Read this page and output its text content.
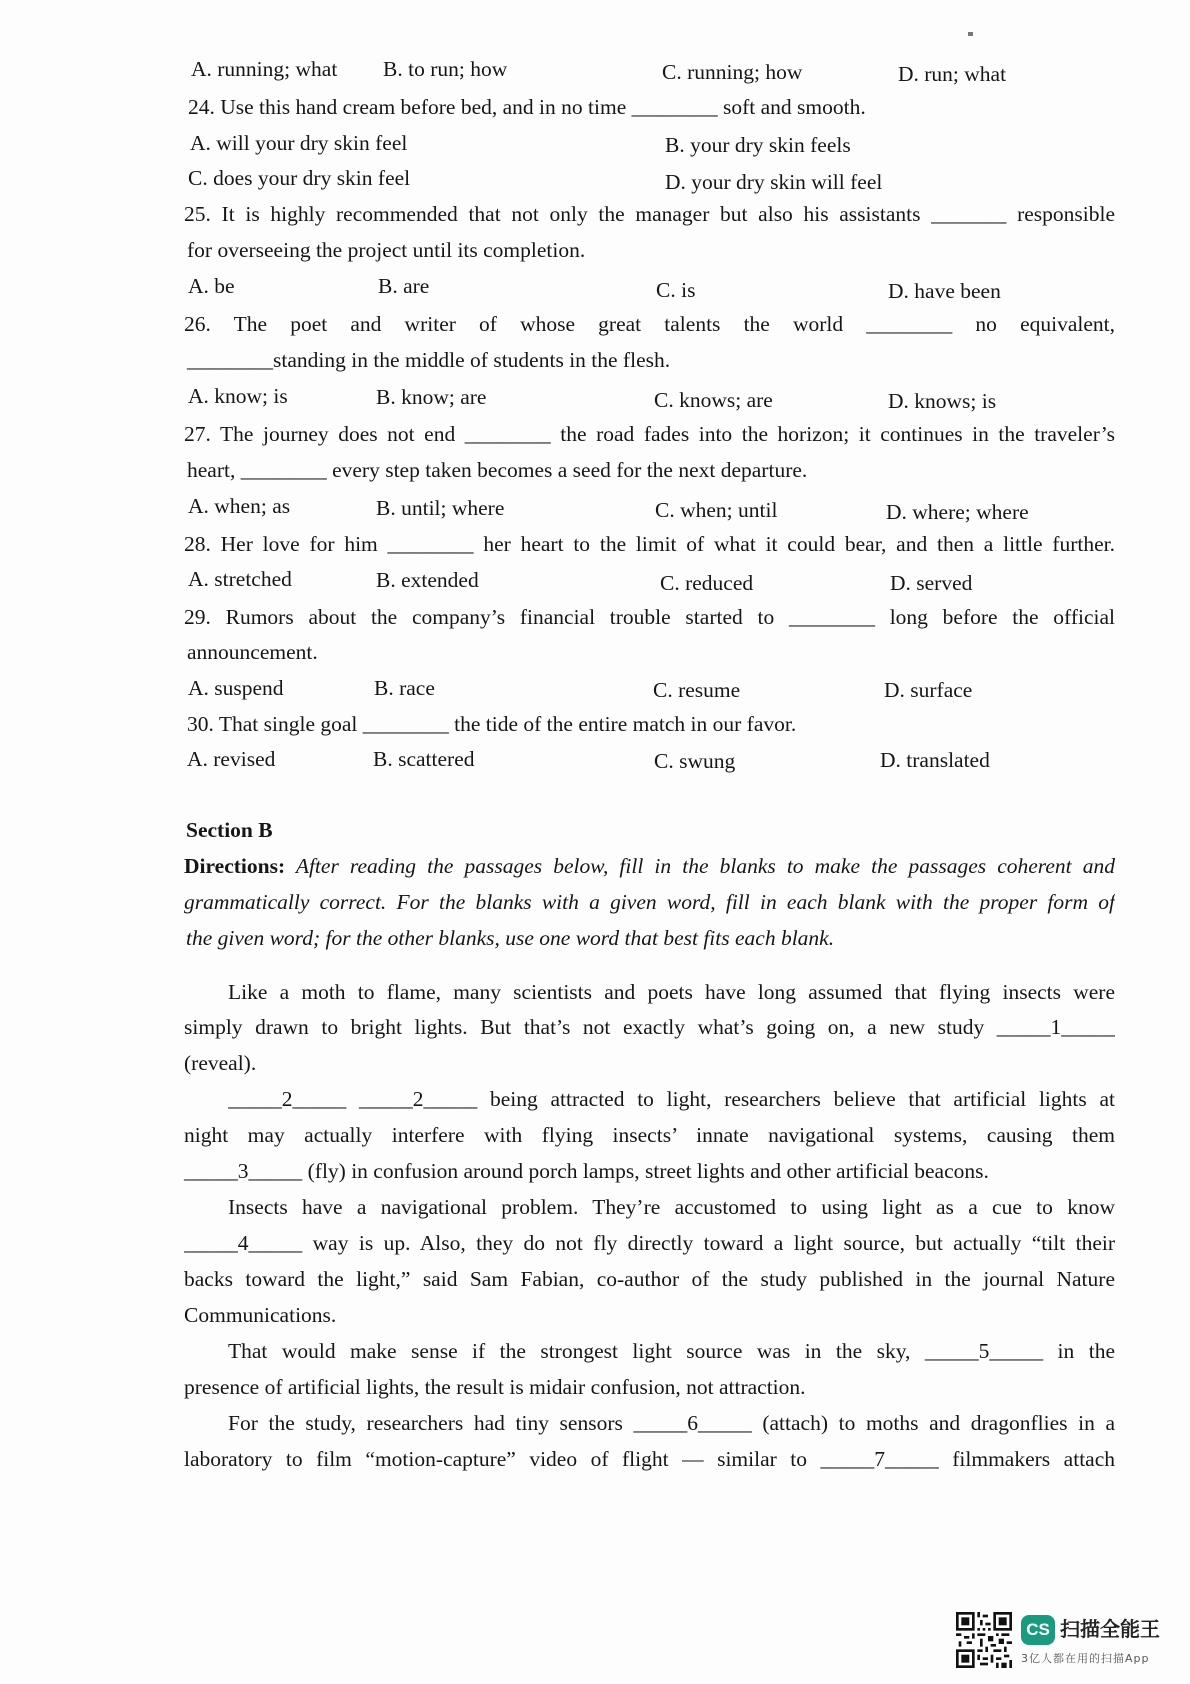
A. running; what B. to run; how	C. running; how	D. run; what
24. Use this hand cream before bed, and in no time ________ soft and smooth.
A. will your dry skin feel	B. your dry skin feels
C. does your dry skin feel	D. your dry skin will feel
25. It is highly recommended that not only the manager but also his assistants _______ responsible
for overseeing the project until its completion.
A. be	B. are	C. is	D. have been
26. The poet and writer of whose great talents the world ________ no equivalent,
________standing in the middle of students in the flesh.
A. know; is	B. know; are	C. knows; are	D. knows; is
27. The journey does not end ________ the road fades into the horizon; it continues in the traveler’s
heart, ________ every step taken becomes a seed for the next departure.
A. when; as	B. until; where	C. when; until	D. where; where
28. Her love for him ________ her heart to the limit of what it could bear, and then a little further.
A. stretched	B. extended	C. reduced	D. served
29. Rumors about the company’s financial trouble started to ________ long before the official
announcement.
A. suspend	B. race	C. resume	D. surface
30. That single goal ________ the tide of the entire match in our favor.
A. revised	B. scattered	C. swung	D. translated
Section B
Directions: After reading the passages below, fill in the blanks to make the passages coherent and
grammatically correct. For the blanks with a given word, fill in each blank with the proper form of
the given word; for the other blanks, use one word that best fits each blank.
Like a moth to flame, many scientists and poets have long assumed that flying insects were
simply drawn to bright lights. But that’s not exactly what’s going on, a new study _____1_____
(reveal).
_____2_____ _____2_____ being attracted to light, researchers believe that artificial lights at
night may actually interfere with flying insects’ innate navigational systems, causing them
_____3_____ (fly) in confusion around porch lamps, street lights and other artificial beacons.
Insects have a navigational problem. They’re accustomed to using light as a cue to know
_____4_____ way is up. Also, they do not fly directly toward a light source, but actually “tilt their
backs toward the light,” said Sam Fabian, co-author of the study published in the journal Nature
Communications.
That would make sense if the strongest light source was in the sky, _____5_____ in the
presence of artificial lights, the result is midair confusion, not attraction.
For the study, researchers had tiny sensors _____6_____ (attach) to moths and dragonflies in a
laboratory to film “motion-capture” video of flight — similar to _____7_____ filmmakers attach
CS 扫描全能王
3亿人都在用的扫描App
